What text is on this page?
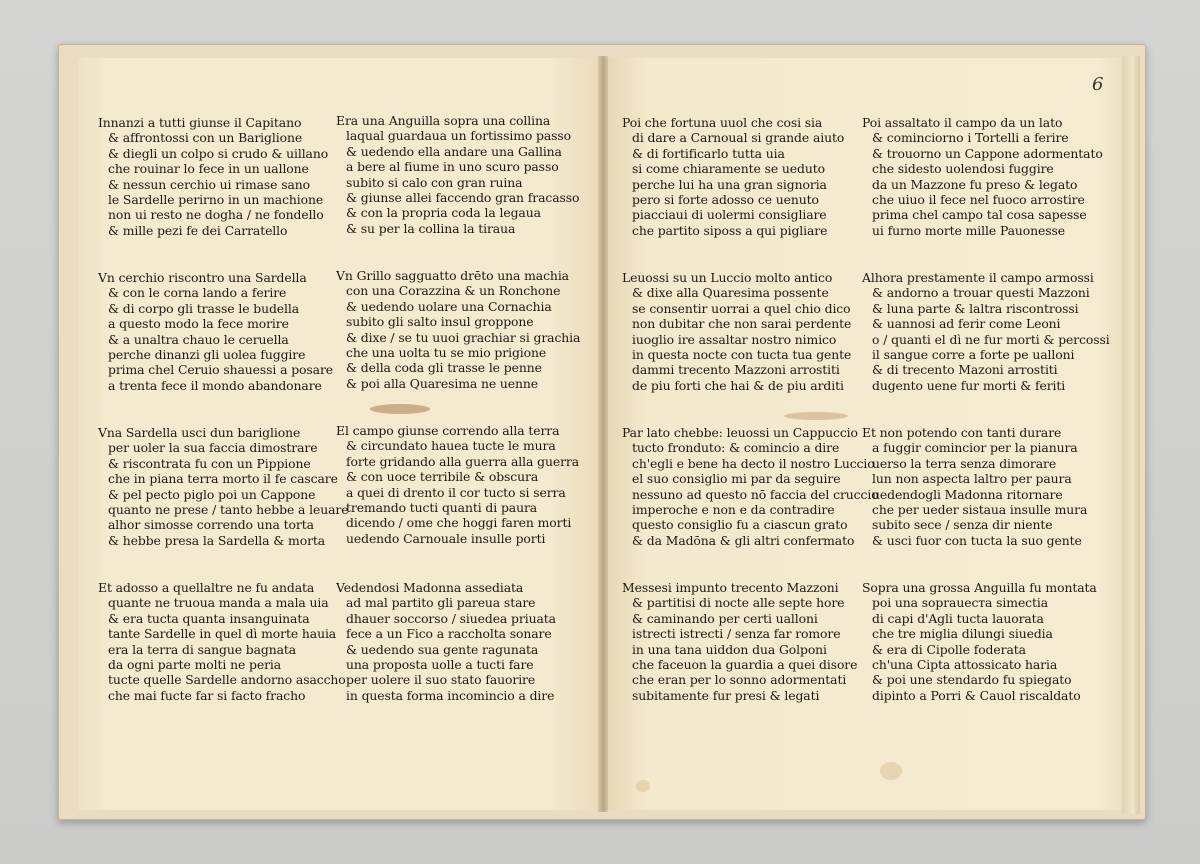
6
Innanzi a tutti giunse il Capitano
& affrontossi con un Bariglione
& diegli un colpo si crudo & uillano
che rouinar lo fece in un uallone
& nessun cerchio ui rimase sano
le Sardelle perirno in un machione
non ui resto ne dogha / ne fondello
& mille pezi fe dei Carratello
Vn cerchio riscontro una Sardella
& con le corna lando a ferire
& di corpo gli trasse le budella
a questo modo la fece morire
& a unaltra chauo le ceruella
perche dinanzi gli uolea fuggire
prima chel Ceruio shauessi a posare
a trenta fece il mondo abandonare
Vna Sardella usci dun bariglione
per uoler la sua faccia dimostrare
& riscontrata fu con un Pippione
che in piana terra morto il fe cascare
& pel pecto piglo poi un Cappone
quanto ne prese / tanto hebbe a leuare
alhor simosse correndo una torta
& hebbe presa la Sardella & morta
Et adosso a quellaltre ne fu andata
quante ne truoua manda a mala uia
& era tucta quanta insanguinata
tante Sardelle in quel dì morte hauia
era la terra di sangue bagnata
da ogni parte molti ne peria
tucte quelle Sardelle andorno asaccho
che mai fucte far si facto fracho
Era una Anguilla sopra una collina
laqual guardaua un fortissimo passo
& uedendo ella andare una Gallina
a bere al fiume in uno scuro passo
subito si calo con gran ruina
& giunse allei faccendo gran fracasso
& con la propria coda la legaua
& su per la collina la tiraua
Vn Grillo sagguatto drēto una machia
con una Corazzina & un Ronchone
& uedendo uolare una Cornachia
subito gli salto insul groppone
& dixe / se tu uuoi grachiar si grachia
che una uolta tu se mio prigione
& della coda gli trasse le penne
& poi alla Quaresima ne uenne
El campo giunse correndo alla terra
& circundato hauea tucte le mura
forte gridando alla guerra alla guerra
& con uoce terribile & obscura
a quei di drento il cor tucto si serra
tremando tucti quanti di paura
dicendo / ome che hoggi faren morti
uedendo Carnouale insulle porti
Vedendosi Madonna assediata
ad mal partito gli pareua stare
dhauer soccorso / siuedea priuata
fece a un Fico a raccholta sonare
& uedendo sua gente ragunata
una proposta uolle a tucti fare
per uolere il suo stato fauorire
in questa forma incomincio a dire
Poi che fortuna uuol che cosi sia
di dare a Carnoual si grande aiuto
& di fortificarlo tutta uia
si come chiaramente se ueduto
perche lui ha una gran signoria
pero si forte adosso ce uenuto
piacciaui di uolermi consigliare
che partito siposs a qui pigliare
Leuossi su un Luccio molto antico
& dixe alla Quaresima possente
se consentir uorrai a quel chio dico
non dubitar che non sarai perdente
iuoglio ire assaltar nostro nimico
in questa nocte con tucta tua gente
dammi trecento Mazzoni arrostiti
de piu forti che hai & de piu arditi
Par lato chebbe: leuossi un Cappuccio
tucto fronduto: & comincio a dire
ch'egli e bene ha decto il nostro Luccio
el suo consiglio mi par da seguire
nessuno ad questo nō faccia del cruccio
imperoche e non e da contradire
questo consiglio fu a ciascun grato
& da Madōna & gli altri confermato
Messesi impunto trecento Mazzoni
& partitisi di nocte alle septe hore
& caminando per certi ualloni
istrecti istrecti / senza far romore
in una tana uiddon dua Golponi
che faceuon la guardia a quei disore
che eran per lo sonno adormentati
subitamente fur presi & legati
Poi assaltato il campo da un lato
& cominciorno i Tortelli a ferire
& trouorno un Cappone adormentato
che sidesto uolendosi fuggire
da un Mazzone fu preso & legato
che uiuo il fece nel fuoco arrostire
prima chel campo tal cosa sapesse
ui furno morte mille Pauonesse
Alhora prestamente il campo armossi
& andorno a trouar questi Mazzoni
& luna parte & laltra riscontrossi
& uannosi ad ferir come Leoni
o / quanti el dì ne fur morti & percossi
il sangue corre a forte pe ualloni
& di trecento Mazoni arrostiti
dugento uene fur morti & feriti
Et non potendo con tanti durare
a fuggir comincior per la pianura
uerso la terra senza dimorare
lun non aspecta laltro per paura
uedendogli Madonna ritornare
che per ueder sistaua insulle mura
subito sece / senza dir niente
& usci fuor con tucta la suo gente
Sopra una grossa Anguilla fu montata
poi una sopraueста simectia
di capi d'Agli tucta lauorata
che tre miglia dilungi siuedia
& era di Cipolle foderata
ch'una Cipta attossicato haria
& poi une stendardo fu spiegato
dipinto a Porri & Cauol riscaldato
